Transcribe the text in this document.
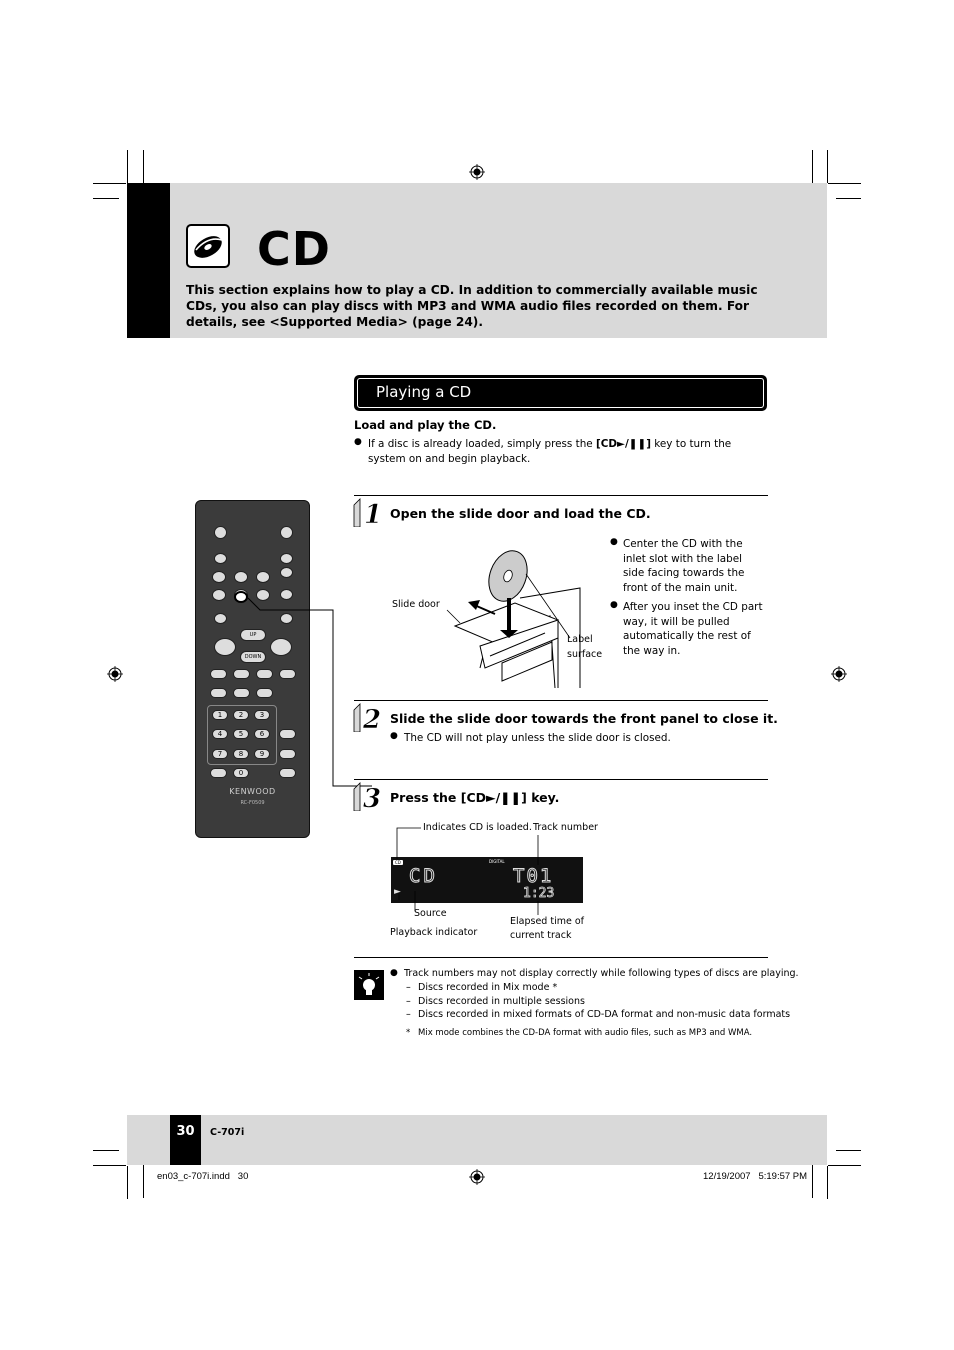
CD
This section explains how to play a CD. In addition to commercially available music CDs, you also can play discs with MP3 and WMA audio files recorded on them. For details, see <Supported Media> (page 24).
Playing a CD
Load and play the CD.
● If a disc is already loaded, simply press the [CD►/❚❚] key to turn the system on and begin playback.
UP
DOWN
1	2	3
4	5	6
7	8	9
0
KENWOOD
RC-F0509
1 Open the slide door and load the CD.
Slide door
Label
surface
● Center the CD with the inlet slot with the label side facing towards the front of the main unit.
● After you inset the CD part way, it will be pulled automatically the rest of the way in.
2 Slide the slide door towards the front panel to close it.
● The CD will not play unless the slide door is closed.
3 Press the [CD►/❚❚] key.
Indicates CD is loaded. Track number
CD	DIGITAL
CD	T01
1:23
►
Source
Playback indicator
Elapsed time of
current track
● Track numbers may not display correctly while following types of discs are playing.
– Discs recorded in Mix mode *
– Discs recorded in multiple sessions
– Discs recorded in mixed formats of CD-DA format and non-music data formats
* Mix mode combines the CD-DA format with audio files, such as MP3 and WMA.
30	C-707i
en03_c-707i.indd   30	12/19/2007   5:19:57 PM
